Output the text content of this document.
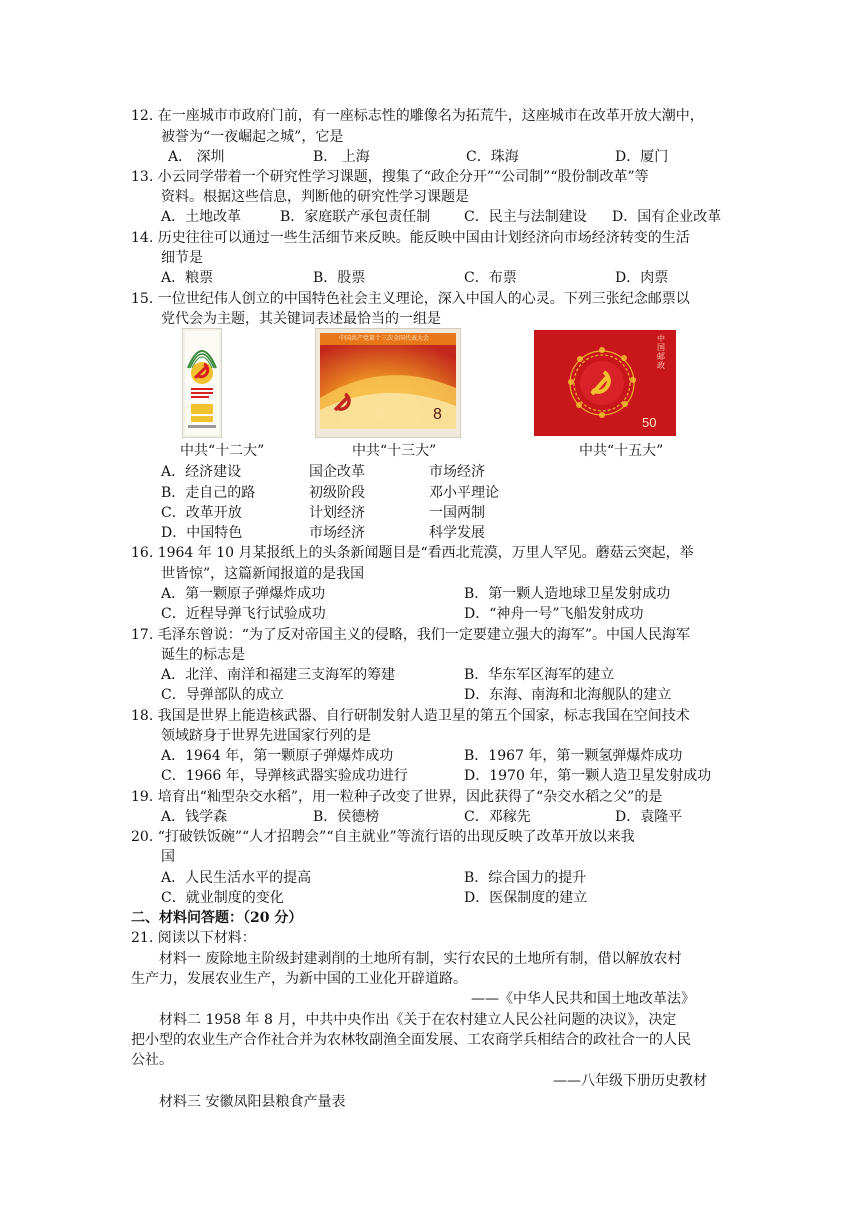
12. 在一座城市市政府门前，有一座标志性的雕像名为拓荒牛，这座城市在改革开放大潮中，
被誉为“一夜崛起之城”，它是
A． 深圳	B． 上海	C．珠海	D．厦门
13. 小云同学带着一个研究性学习课题，搜集了“政企分开”“公司制”“股份制改革”等
资料。根据这些信息，判断他的研究性学习课题是
A．土地改革	B．家庭联产承包责任制 C．民主与法制建设 D．国有企业改革
14. 历史往往可以通过一些生活细节来反映。能反映中国由计划经济向市场经济转变的生活
细节是
A．粮票	B．股票	C．布票	D．肉票
15. 一位世纪伟人创立的中国特色社会主义理论，深入中国人的心灵。下列三张纪念邮票以
党代会为主题，其关键词表述最恰当的一组是
中国共产党第十三次全国代表大会
8
中国邮政
50
中共“十二大”	中共“十三大”	中共“十五大”
A．经济建设	国企改革	市场经济
B．走自己的路	初级阶段	邓小平理论
C．改革开放	计划经济	一国两制
D．中国特色	市场经济	科学发展
16. 1964 年 10 月某报纸上的头条新闻题目是“看西北荒漠，万里人罕见。蘑菇云突起，举
世皆惊”，这篇新闻报道的是我国
A．第一颗原子弹爆炸成功	B．第一颗人造地球卫星发射成功
C．近程导弹飞行试验成功	D．“神舟一号”飞船发射成功
17. 毛泽东曾说：“为了反对帝国主义的侵略，我们一定要建立强大的海军”。中国人民海军
诞生的标志是
A．北洋、南洋和福建三支海军的筹建	B．华东军区海军的建立
C．导弹部队的成立	D．东海、南海和北海舰队的建立
18. 我国是世界上能造核武器、自行研制发射人造卫星的第五个国家，标志我国在空间技术
领域跻身于世界先进国家行列的是
A．1964 年，第一颗原子弹爆炸成功	B．1967 年，第一颗氢弹爆炸成功
C．1966 年，导弹核武器实验成功进行	D．1970 年，第一颗人造卫星发射成功
19. 培育出“籼型杂交水稻”，用一粒种子改变了世界，因此获得了“杂交水稻之父”的是
A．钱学森	B．侯德榜	C．邓稼先	D．袁隆平
20. “打破铁饭碗”“人才招聘会”“自主就业”等流行语的出现反映了改革开放以来我
国
A．人民生活水平的提高	B．综合国力的提升
C．就业制度的变化	D．医保制度的建立
二、材料问答题：（20 分）
21. 阅读以下材料：
材料一 废除地主阶级封建剥削的土地所有制，实行农民的土地所有制，借以解放农村
生产力，发展农业生产，为新中国的工业化开辟道路。
——《中华人民共和国土地改革法》
材料二 1958 年 8 月，中共中央作出《关于在农村建立人民公社问题的决议》，决定
把小型的农业生产合作社合并为农林牧副渔全面发展、工农商学兵相结合的政社合一的人民
公社。
——八年级下册历史教材
材料三 安徽凤阳县粮食产量表
